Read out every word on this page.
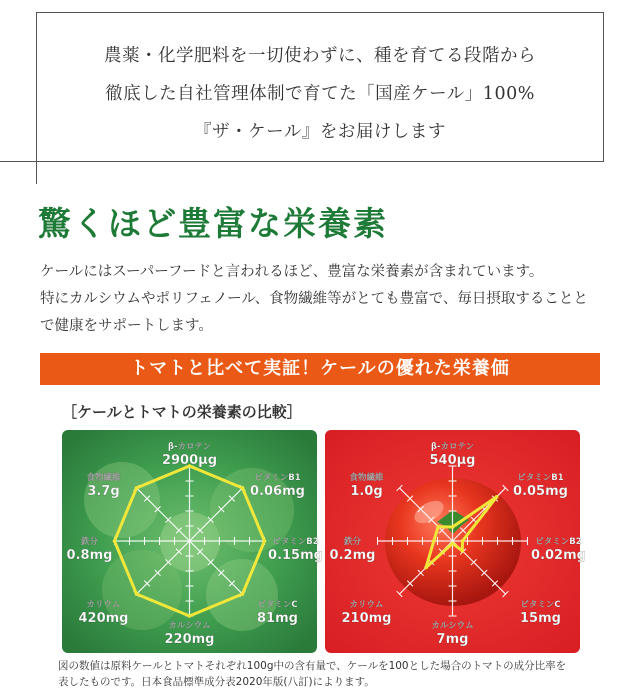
農薬・化学肥料を一切使わずに、種を育てる段階から
徹底した自社管理体制で育てた「国産ケール」100%
『ザ・ケール』をお届けします
驚くほど豊富な栄養素
ケールにはスーパーフードと言われるほど、豊富な栄養素が含まれています。
特にカルシウムやポリフェノール、食物繊維等がとても豊富で、毎日摂取することと
で健康をサポートします。
トマトと比べて実証！ケールの優れた栄養価
［ケールとトマトの栄養素の比較］
β-カロテン
2900μg
ビタミンB1
0.06mg
ビタミンB2
0.15mg
ビタミンC
81mg
カルシウム
220mg
カリウム
420mg
鉄分
0.8mg
食物繊維
3.7g
β-カロテン
540μg
ビタミンB1
0.05mg
ビタミンB2
0.02mg
ビタミンC
15mg
カルシウム
7mg
カリウム
210mg
鉄分
0.2mg
食物繊維
1.0g
図の数値は原料ケールとトマトそれぞれ100g中の含有量で、ケールを100とした場合のトマトの成分比率を
表したものです。日本食品標準成分表2020年版(八訂)によります。
